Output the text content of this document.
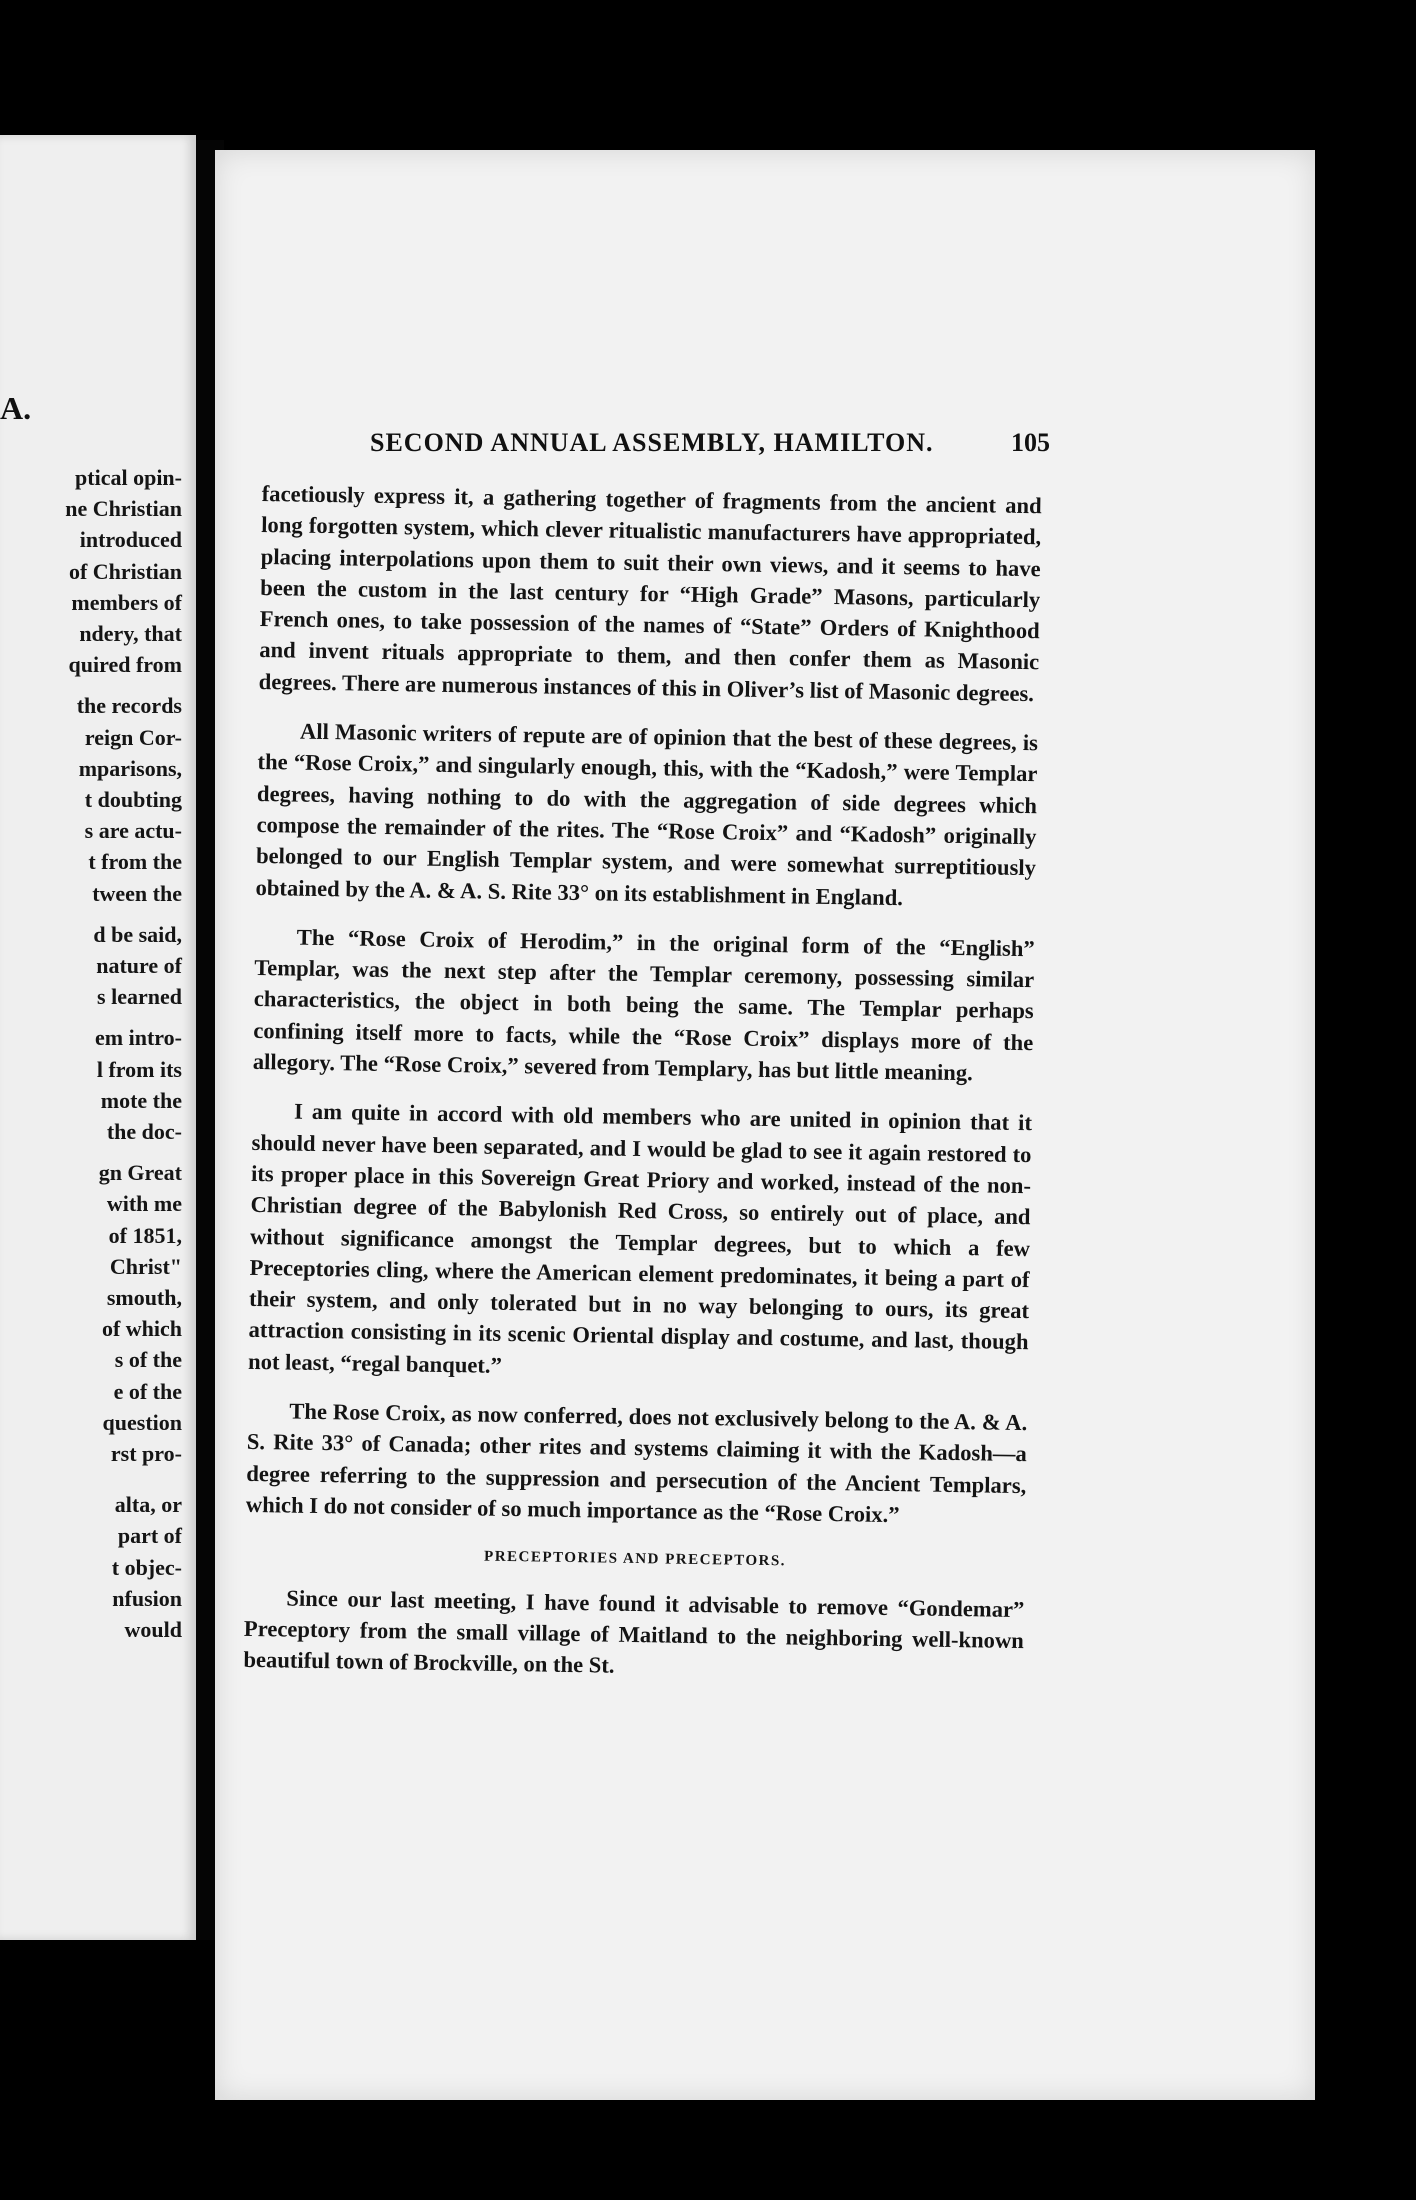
A.
ptical opin-
ne Christian
introduced
of Christian
members of
ndery, that
quired from
the records
reign Cor-
mparisons,
t doubting
s are actu-
t from the
tween the
d be said,
nature of
s learned
em intro-
l from its
mote the
the doc-
gn Great
with me
of 1851,
Christ"
smouth,
of which
s of the
e of the
question
rst pro-
alta, or
part of
t objec-
nfusion
would
SECOND ANNUAL ASSEMBLY, HAMILTON.	105

facetiously express it, a gathering together of fragments from the ancient and long forgotten system, which clever ritualistic manufacturers have appropriated, placing interpolations upon them to suit their own views, and it seems to have been the custom in the last century for “High Grade” Masons, particularly French ones, to take possession of the names of “State” Orders of Knighthood and invent rituals appropriate to them, and then confer them as Masonic degrees. There are numerous instances of this in Oliver’s list of Masonic degrees.

All Masonic writers of repute are of opinion that the best of these degrees, is the “Rose Croix,” and singularly enough, this, with the “Kadosh,” were Templar degrees, having nothing to do with the aggregation of side degrees which compose the remainder of the rites. The “Rose Croix” and “Kadosh” originally belonged to our English Templar system, and were somewhat surreptitiously obtained by the A. & A. S. Rite 33° on its establishment in England.

The “Rose Croix of Herodim,” in the original form of the “English” Templar, was the next step after the Templar ceremony, possessing similar characteristics, the object in both being the same. The Templar perhaps confining itself more to facts, while the “Rose Croix” displays more of the allegory. The “Rose Croix,” severed from Templary, has but little meaning.

I am quite in accord with old members who are united in opinion that it should never have been separated, and I would be glad to see it again restored to its proper place in this Sovereign Great Priory and worked, instead of the non-Christian degree of the Babylonish Red Cross, so entirely out of place, and without significance amongst the Templar degrees, but to which a few Preceptories cling, where the American element predominates, it being a part of their system, and only tolerated but in no way belonging to ours, its great attraction consisting in its scenic Oriental display and costume, and last, though not least, “regal banquet.”

The Rose Croix, as now conferred, does not exclusively belong to the A. & A. S. Rite 33° of Canada; other rites and systems claiming it with the Kadosh—a degree referring to the suppression and persecution of the Ancient Templars, which I do not consider of so much importance as the “Rose Croix.”

PRECEPTORIES AND PRECEPTORS.

Since our last meeting, I have found it advisable to remove “Gondemar” Preceptory from the small village of Maitland to the neighboring well-known beautiful town of Brockville, on the St.
